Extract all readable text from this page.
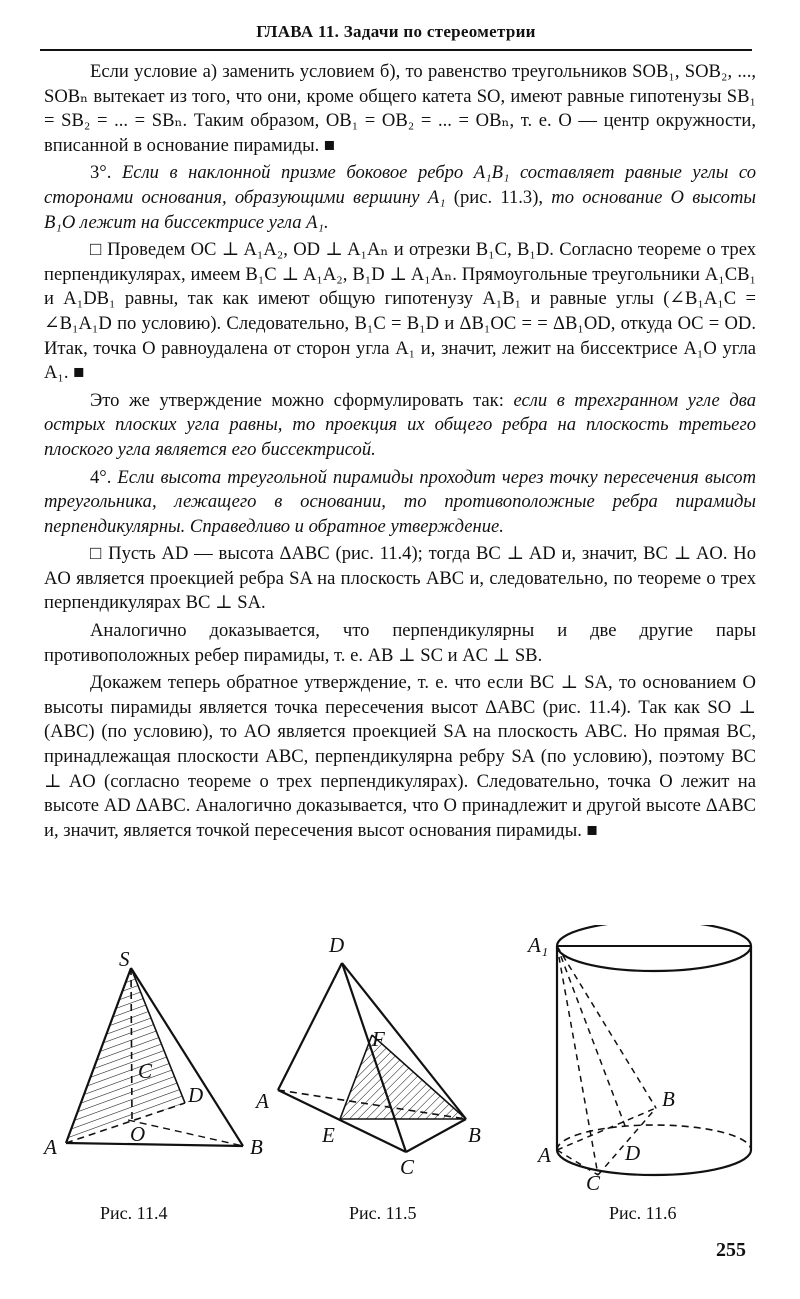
ГЛАВА 11. Задачи по стереометрии

Если условие а) заменить условием б), то равенство треугольников SOB₁, SOB₂, ..., SOBₙ вытекает из того, что они, кроме общего катета SO, имеют равные гипотенузы SB₁ = SB₂ = ... = SBₙ. Таким образом, OB₁ = OB₂ = ... = OBₙ, т. е. O — центр окружности, вписанной в основание пирамиды. ■

3°. Если в наклонной призме боковое ребро A₁B₁ составляет равные углы со сторонами основания, образующими вершину A₁ (рис. 11.3), то основание O высоты B₁O лежит на биссектрисе угла A₁.

□ Проведем OC ⊥ A₁A₂, OD ⊥ A₁Aₙ и отрезки B₁C, B₁D. Согласно теореме о трех перпендикулярах, имеем B₁C ⊥ A₁A₂, B₁D ⊥ A₁Aₙ. Прямоугольные треугольники A₁CB₁ и A₁DB₁ равны, так как имеют общую гипотенузу A₁B₁ и равные углы (∠B₁A₁C = ∠B₁A₁D по условию). Следовательно, B₁C = B₁D и ΔB₁OC = = ΔB₁OD, откуда OC = OD. Итак, точка O равноудалена от сторон угла A₁ и, значит, лежит на биссектрисе A₁O угла A₁. ■

Это же утверждение можно сформулировать так: если в трехгранном угле два острых плоских угла равны, то проекция их общего ребра на плоскость третьего плоского угла является его биссектрисой.

4°. Если высота треугольной пирамиды проходит через точку пересечения высот треугольника, лежащего в основании, то противоположные ребра пирамиды перпендикулярны. Справедливо и обратное утверждение.

□ Пусть AD — высота ΔABC (рис. 11.4); тогда BC ⊥ AD и, значит, BC ⊥ AO. Но AO является проекцией ребра SA на плоскость ABC и, следовательно, по теореме о трех перпендикулярах BC ⊥ SA.

Аналогично доказывается, что перпендикулярны и две другие пары противоположных ребер пирамиды, т. е. AB ⊥ SC и AC ⊥ SB.

Докажем теперь обратное утверждение, т. е. что если BC ⊥ SA, то основанием O высоты пирамиды является точка пересечения высот ΔABC (рис. 11.4). Так как SO ⊥ (ABC) (по условию), то AO является проекцией SA на плоскость ABC. Но прямая BC, принадлежащая плоскости ABC, перпендикулярна ребру SA (по условию), поэтому BC ⊥ AO (согласно теореме о трех перпендикулярах). Следовательно, точка O лежит на высоте AD ΔABC. Аналогично доказывается, что O принадлежит и другой высоте ΔABC и, значит, является точкой пересечения высот основания пирамиды. ■

S
A	B
D
O
C
D
F
A
E	B
C
A₁
A
B
C
D
Рис. 11.4	Рис. 11.5	Рис. 11.6
255
